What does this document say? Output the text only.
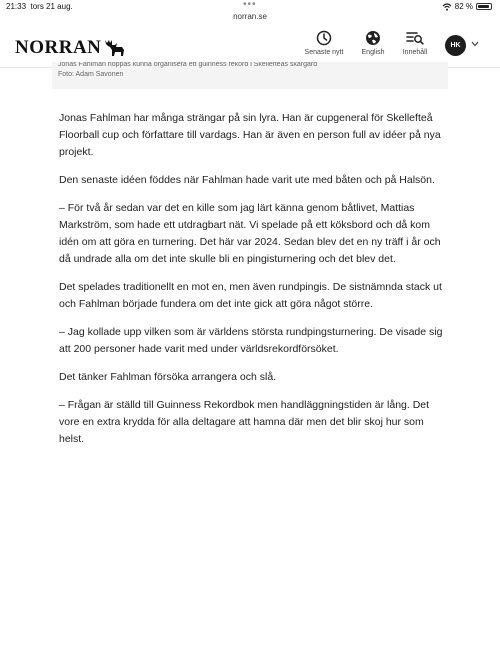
21:33 tors 21 aug.	•••	82 %
norran.se
NORRAN	Senaste nytt	English	Innehåll
HK
Jonas Fahlman hoppas kunna organisera ett guinness rekord i Skellefteås skärgård
Foto: Adam Savonen

Jonas Fahlman har många strängar på sin lyra. Han är cupgeneral för Skellefteå Floorball cup och författare till vardags. Han är även en person full av idéer på nya projekt.

Den senaste idéen föddes när Fahlman hade varit ute med båten och på Halsön.

– För två år sedan var det en kille som jag lärt känna genom båtlivet, Mattias Markström, som hade ett utdragbart nät. Vi spelade på ett köksbord och då kom idén om att göra en turnering. Det här var 2024. Sedan blev det en ny träff i år och då undrade alla om det inte skulle bli en pingisturnering och det blev det.

Det spelades traditionellt en mot en, men även rundpingis. De sistnämnda stack ut och Fahlman började fundera om det inte gick att göra något större.

– Jag kollade upp vilken som är världens största rundpingsturnering. De visade sig att 200 personer hade varit med under världsrekordförsöket.

Det tänker Fahlman försöka arrangera och slå.

– Frågan är ställd till Guinness Rekordbok men handläggningstiden är lång. Det vore en extra krydda för alla deltagare att hamna där men det blir skoj hur som helst.
